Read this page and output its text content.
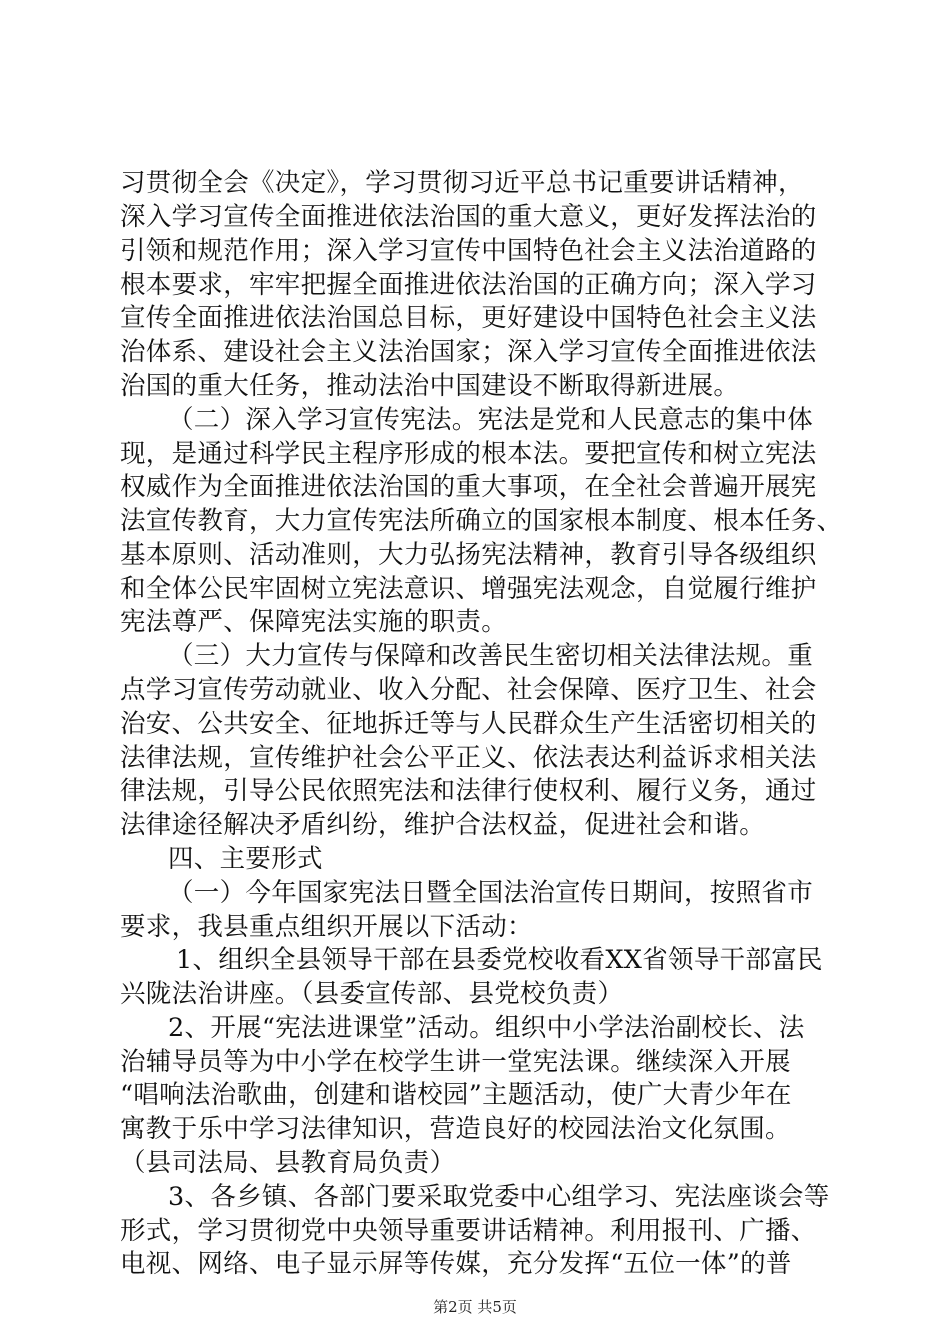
习贯彻全会《决定》，学习贯彻习近平总书记重要讲话精神，
深入学习宣传全面推进依法治国的重大意义，更好发挥法治的
引领和规范作用；深入学习宣传中国特色社会主义法治道路的
根本要求，牢牢把握全面推进依法治国的正确方向；深入学习
宣传全面推进依法治国总目标，更好建设中国特色社会主义法
治体系、建设社会主义法治国家；深入学习宣传全面推进依法
治国的重大任务，推动法治中国建设不断取得新进展。
（二）深入学习宣传宪法。宪法是党和人民意志的集中体
现，是通过科学民主程序形成的根本法。要把宣传和树立宪法
权威作为全面推进依法治国的重大事项，在全社会普遍开展宪
法宣传教育，大力宣传宪法所确立的国家根本制度、根本任务、
基本原则、活动准则，大力弘扬宪法精神，教育引导各级组织
和全体公民牢固树立宪法意识、增强宪法观念，自觉履行维护
宪法尊严、保障宪法实施的职责。
（三）大力宣传与保障和改善民生密切相关法律法规。重
点学习宣传劳动就业、收入分配、社会保障、医疗卫生、社会
治安、公共安全、征地拆迁等与人民群众生产生活密切相关的
法律法规，宣传维护社会公平正义、依法表达利益诉求相关法
律法规，引导公民依照宪法和法律行使权利、履行义务，通过
法律途径解决矛盾纠纷，维护合法权益，促进社会和谐。
四、主要形式
（一）今年国家宪法日暨全国法治宣传日期间，按照省市
要求，我县重点组织开展以下活动：
1、组织全县领导干部在县委党校收看XX省领导干部富民
兴陇法治讲座。（县委宣传部、县党校负责）
2、开展“宪法进课堂”活动。组织中小学法治副校长、法
治辅导员等为中小学在校学生讲一堂宪法课。继续深入开展
“唱响法治歌曲，创建和谐校园”主题活动，使广大青少年在
寓教于乐中学习法律知识，营造良好的校园法治文化氛围。
（县司法局、县教育局负责）
3、各乡镇、各部门要采取党委中心组学习、宪法座谈会等
形式，学习贯彻党中央领导重要讲话精神。利用报刊、广播、
电视、网络、电子显示屏等传媒，充分发挥“五位一体”的普
第2页 共5页
